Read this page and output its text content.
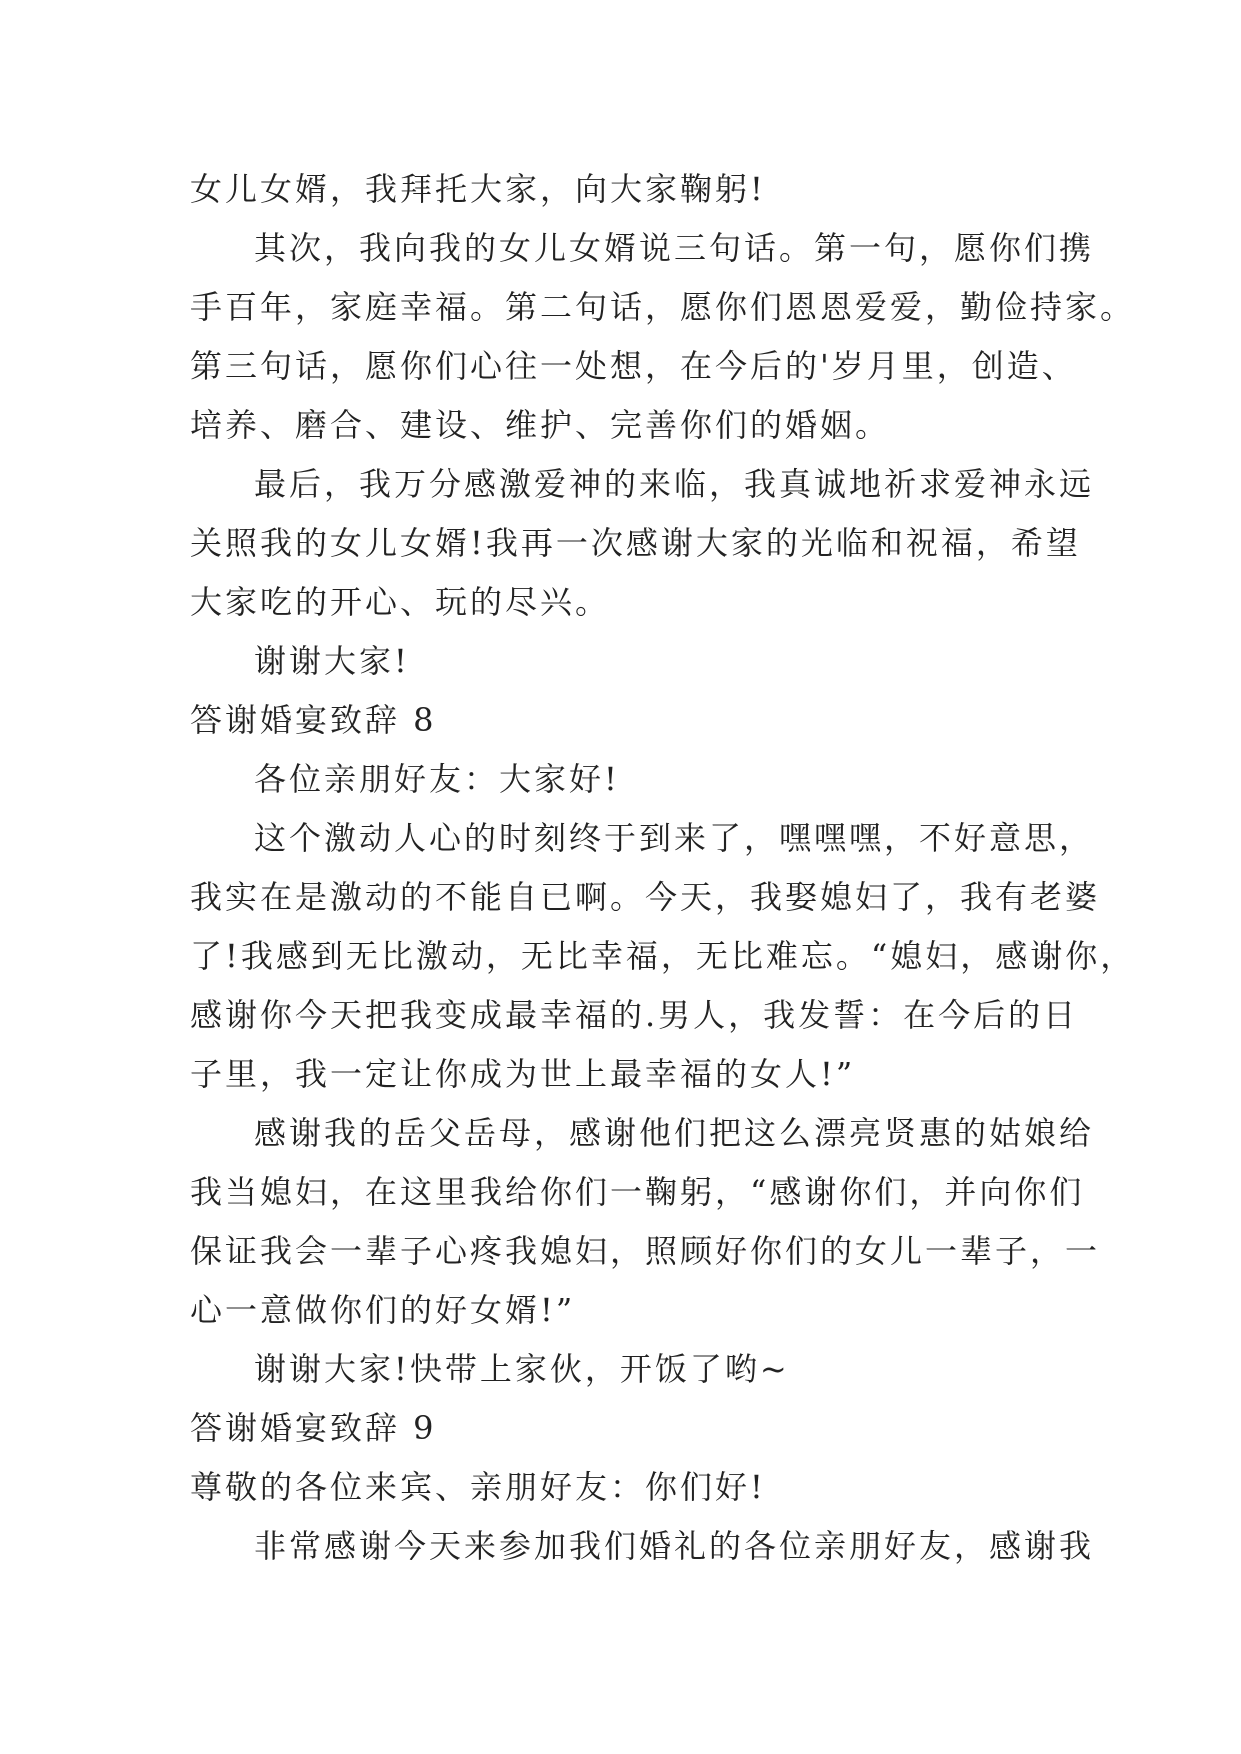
女儿女婿，我拜托大家，向大家鞠躬!
其次，我向我的女儿女婿说三句话。第一句，愿你们携
手百年，家庭幸福。第二句话，愿你们恩恩爱爱，勤俭持家。
第三句话，愿你们心往一处想，在今后的'岁月里，创造、
培养、磨合、建设、维护、完善你们的婚姻。
最后，我万分感激爱神的来临，我真诚地祈求爱神永远
关照我的女儿女婿!我再一次感谢大家的光临和祝福，希望
大家吃的开心、玩的尽兴。
谢谢大家!
答谢婚宴致辞 8
各位亲朋好友：大家好!
这个激动人心的时刻终于到来了，嘿嘿嘿，不好意思，
我实在是激动的不能自已啊。今天，我娶媳妇了，我有老婆
了!我感到无比激动，无比幸福，无比难忘。“媳妇，感谢你，
感谢你今天把我变成最幸福的.男人，我发誓：在今后的日
子里，我一定让你成为世上最幸福的女人!”
感谢我的岳父岳母，感谢他们把这么漂亮贤惠的姑娘给
我当媳妇，在这里我给你们一鞠躬，“感谢你们，并向你们
保证我会一辈子心疼我媳妇，照顾好你们的女儿一辈子，一
心一意做你们的好女婿!”
谢谢大家!快带上家伙，开饭了哟~
答谢婚宴致辞 9
尊敬的各位来宾、亲朋好友：你们好!
非常感谢今天来参加我们婚礼的各位亲朋好友，感谢我
